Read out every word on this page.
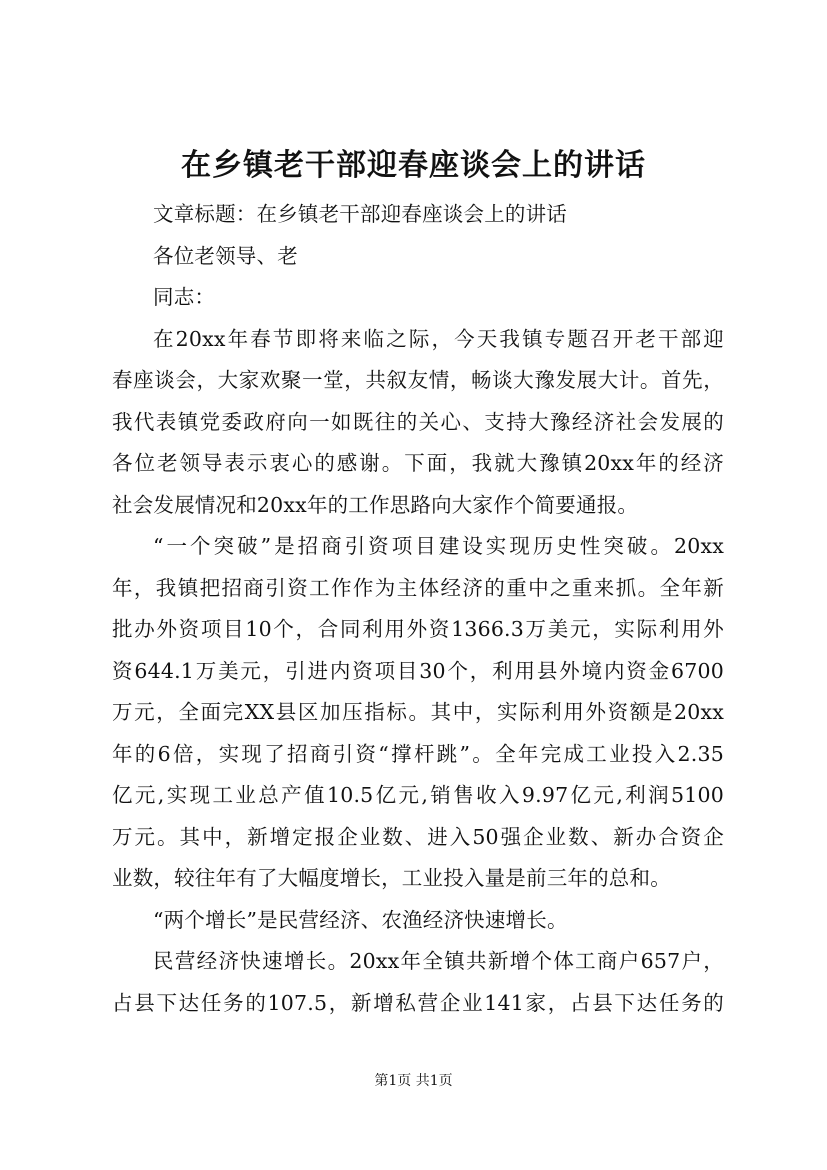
在乡镇老干部迎春座谈会上的讲话

文章标题：在乡镇老干部迎春座谈会上的讲话

各位老领导、老

同志：

在20xx年春节即将来临之际，今天我镇专题召开老干部迎

春座谈会，大家欢聚一堂，共叙友情，畅谈大豫发展大计。首先，

我代表镇党委政府向一如既往的关心、支持大豫经济社会发展的

各位老领导表示衷心的感谢。下面，我就大豫镇20xx年的经济

社会发展情况和20xx年的工作思路向大家作个简要通报。

“一个突破”是招商引资项目建设实现历史性突破。20xx

年，我镇把招商引资工作作为主体经济的重中之重来抓。全年新

批办外资项目10个，合同利用外资1366.3万美元，实际利用外

资644.1万美元，引进内资项目30个，利用县外境内资金6700

万元，全面完XX县区加压指标。其中，实际利用外资额是20xx

年的6倍，实现了招商引资“撑杆跳”。全年完成工业投入2.35

亿元,实现工业总产值10.5亿元,销售收入9.97亿元,利润5100

万元。其中，新增定报企业数、进入50强企业数、新办合资企

业数，较往年有了大幅度增长，工业投入量是前三年的总和。

“两个增长”是民营经济、农渔经济快速增长。

民营经济快速增长。20xx年全镇共新增个体工商户657户，

占县下达任务的107.5，新增私营企业141家，占县下达任务的

第1页 共1页
